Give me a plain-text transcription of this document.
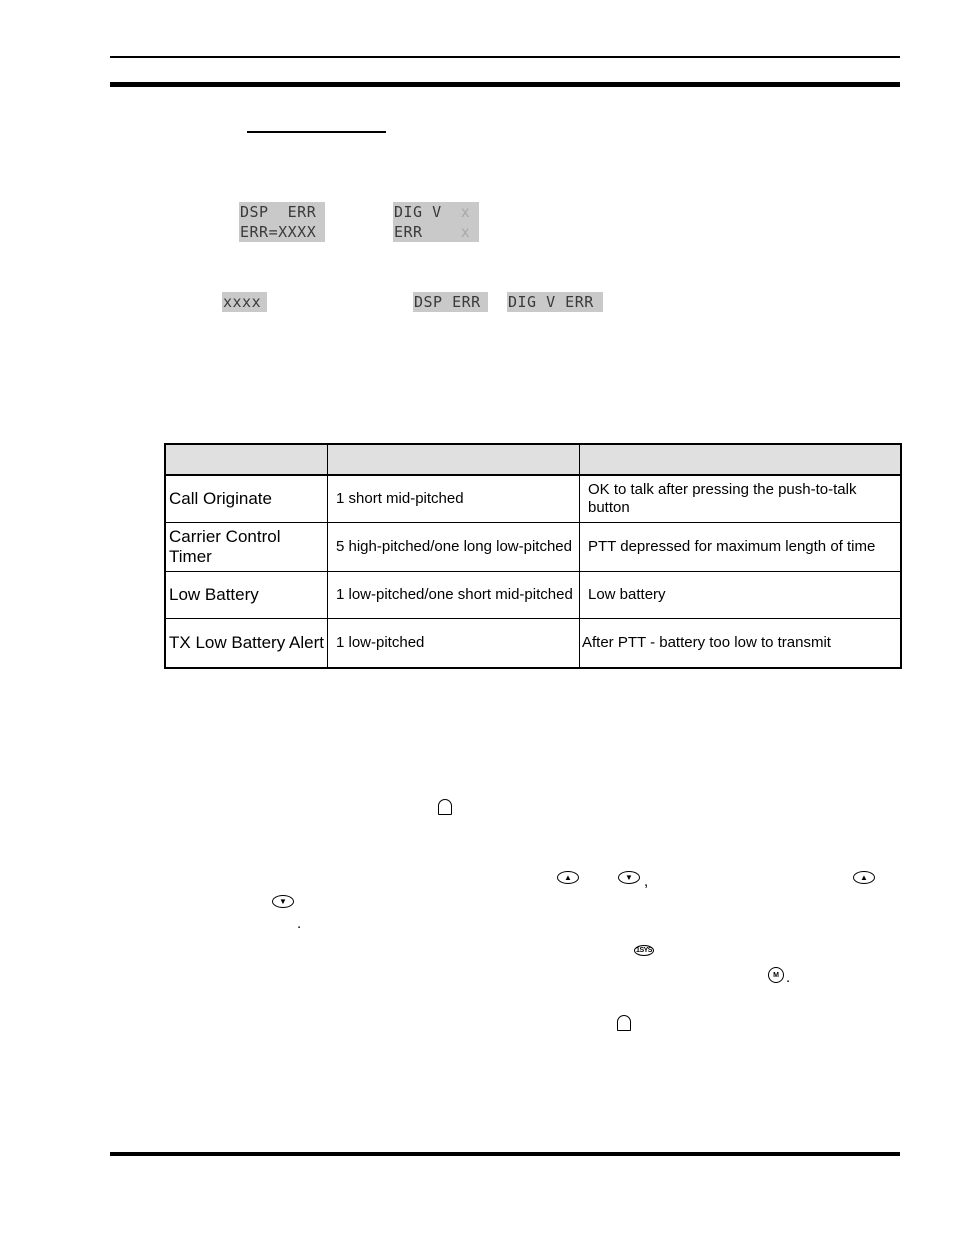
DSP  ERR
ERR=XXXX
DIG V x
ERR	x
xxxx	DSP ERR	DIG V ERR

Call Originate	1 short mid-pitched	OK to talk after pressing the push-to-talk button
Carrier Control Timer	5 high-pitched/one long low-pitched	PTT depressed for maximum length of time
Low Battery	1 low-pitched/one short mid-pitched	Low battery
TX Low Battery Alert	1 low-pitched	After PTT - battery too low to transmit
▲	▼ ,	▲
▼
.
1SYS
M .
